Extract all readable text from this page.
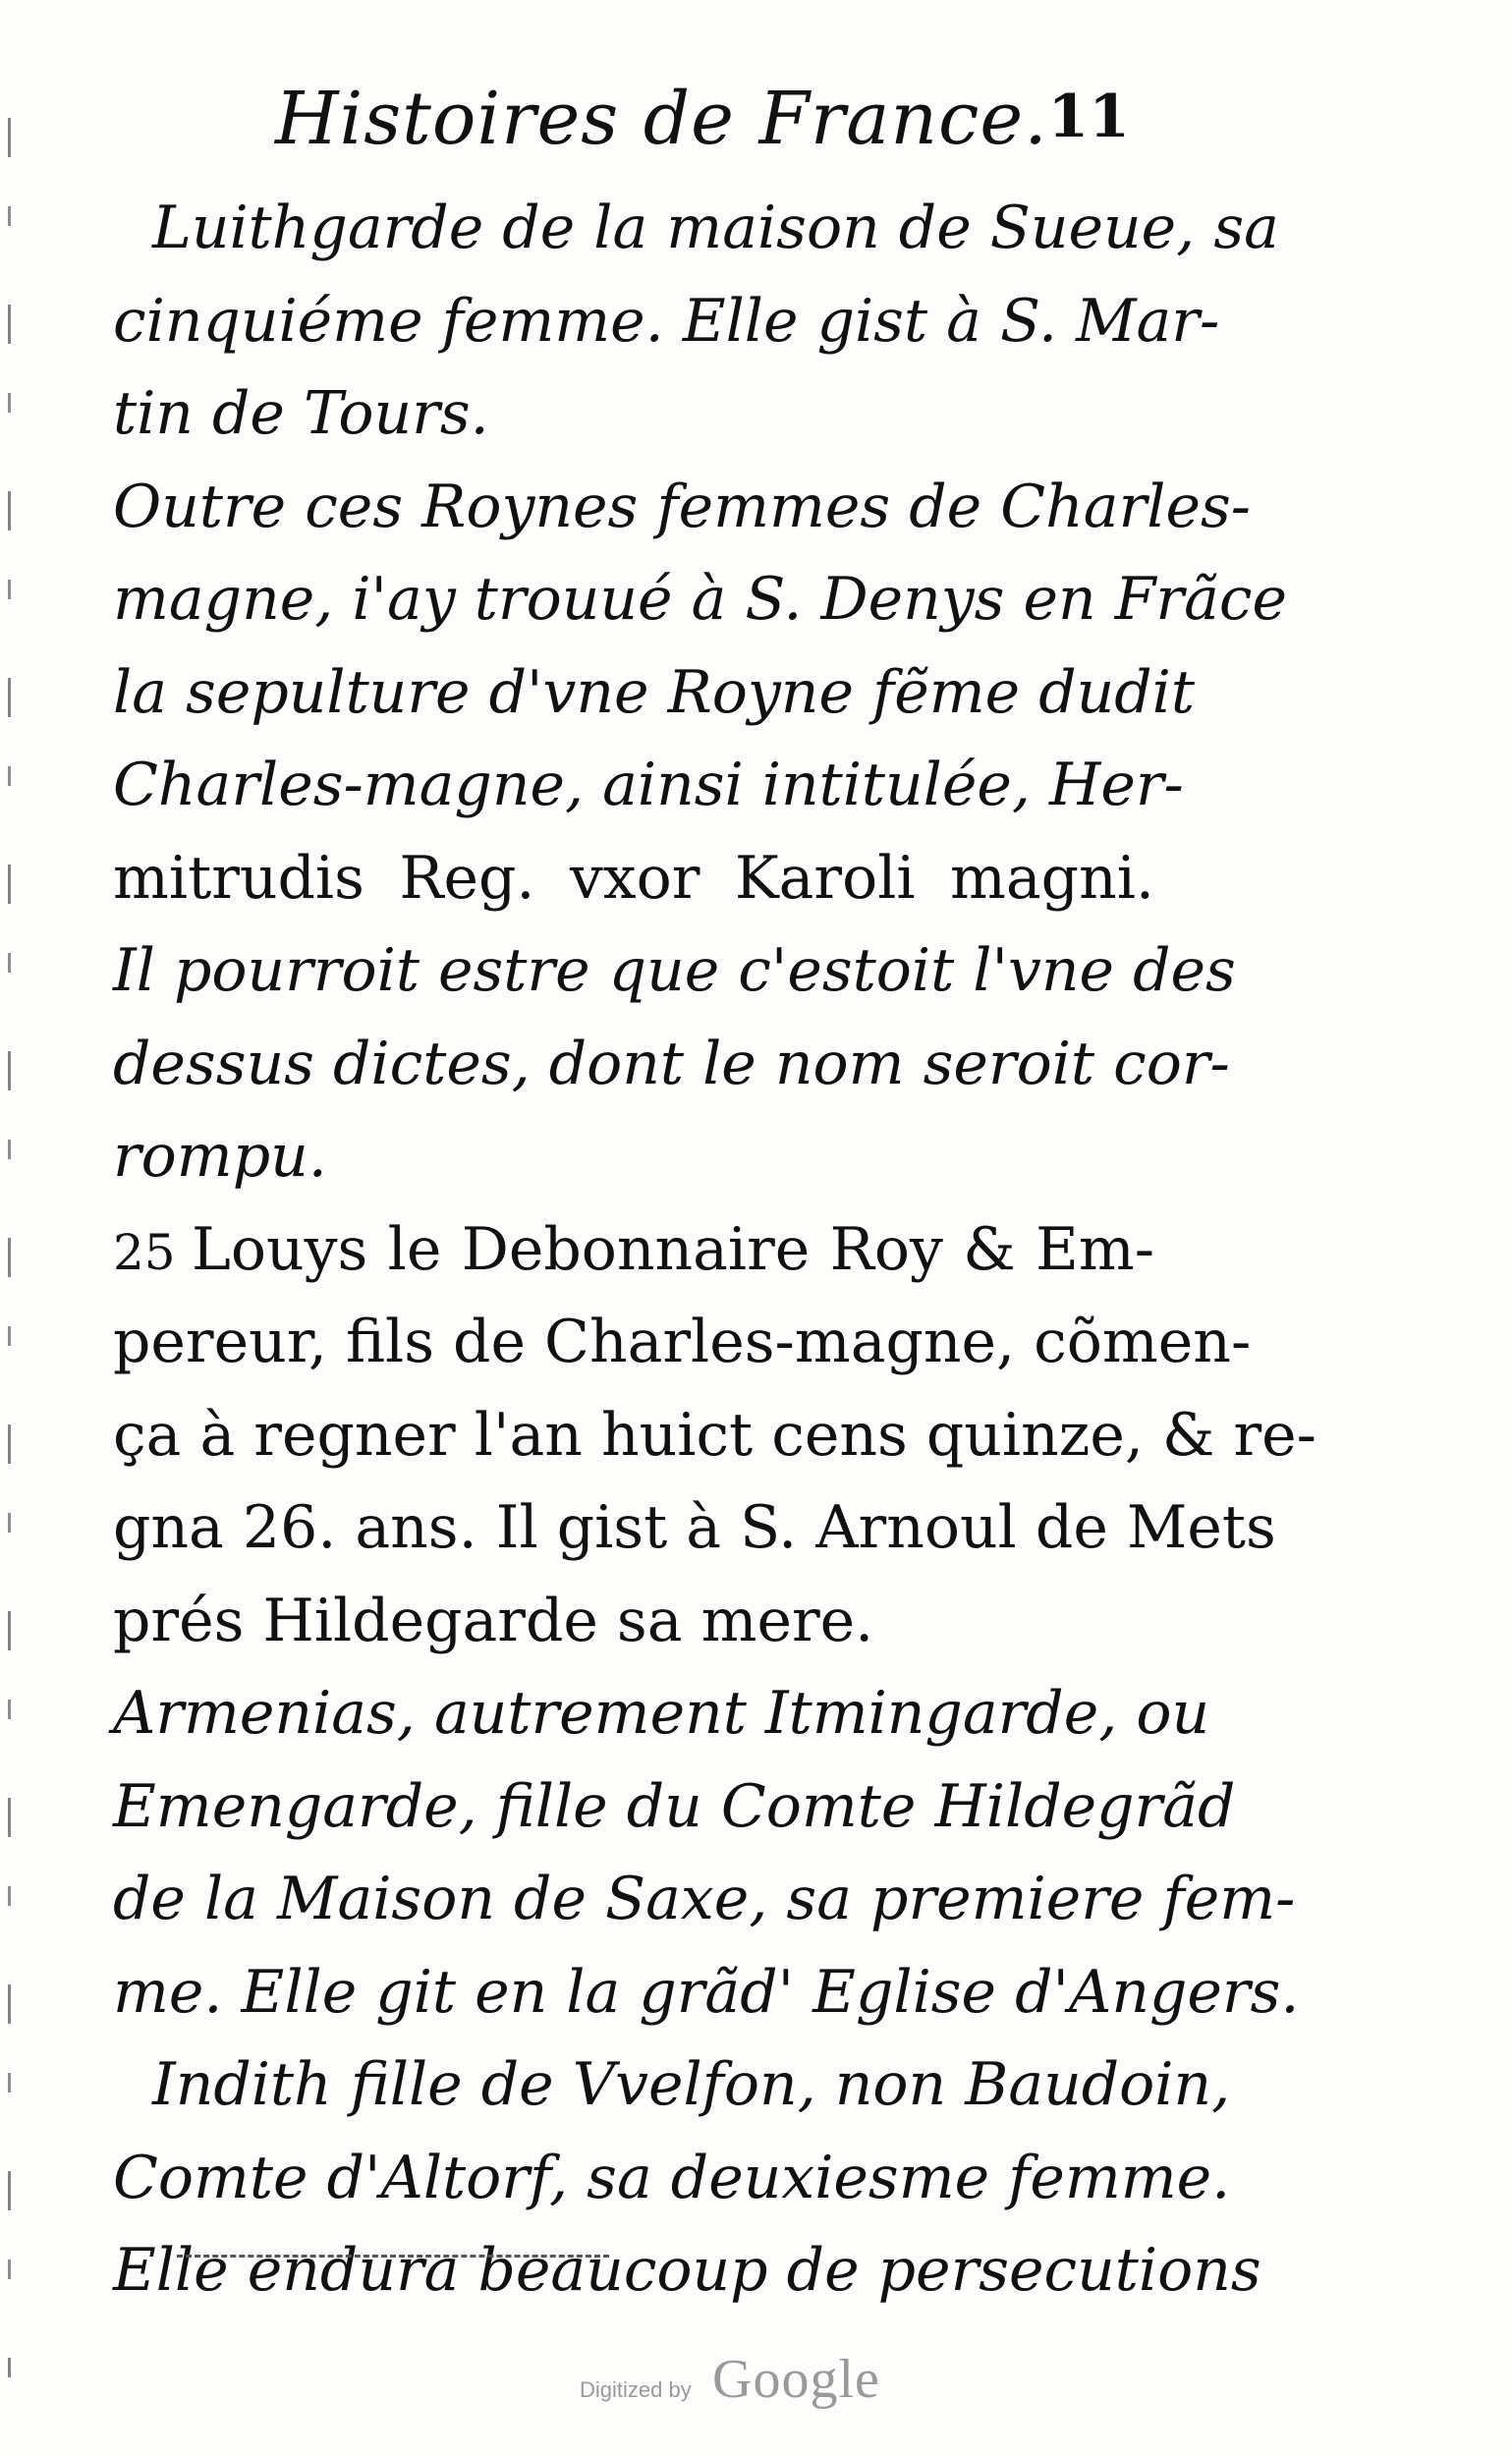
Histoires de France. 11
Luithgarde de la maison de Sueue, sa
cinquiéme femme. Elle gist à S. Mar-
tin de Tours.
Outre ces Roynes femmes de Charles-
magne, i'ay trouué à S. Denys en Frãce
la sepulture d'vne Royne fẽme dudit
Charles-magne, ainsi intitulée, Her-
mitrudis Reg. vxor Karoli magni.
Il pourroit estre que c'estoit l'vne des
dessus dictes, dont le nom seroit cor-
rompu.
25 Louys le Debonnaire Roy & Em-
pereur, fils de Charles-magne, cõmen-
ça à regner l'an huict cens quinze, & re-
gna 26. ans. Il gist à S. Arnoul de Mets
prés Hildegarde sa mere.
Armenias, autrement Itmingarde, ou
Emengarde, fille du Comte Hildegrãd
de la Maison de Saxe, sa premiere fem-
me. Elle git en la grãd' Eglise d'Angers.
Indith fille de Vvelfon, non Baudoin,
Comte d'Altorf, sa deuxiesme femme.
Elle endura beaucoup de persecutions
Digitized by Google
